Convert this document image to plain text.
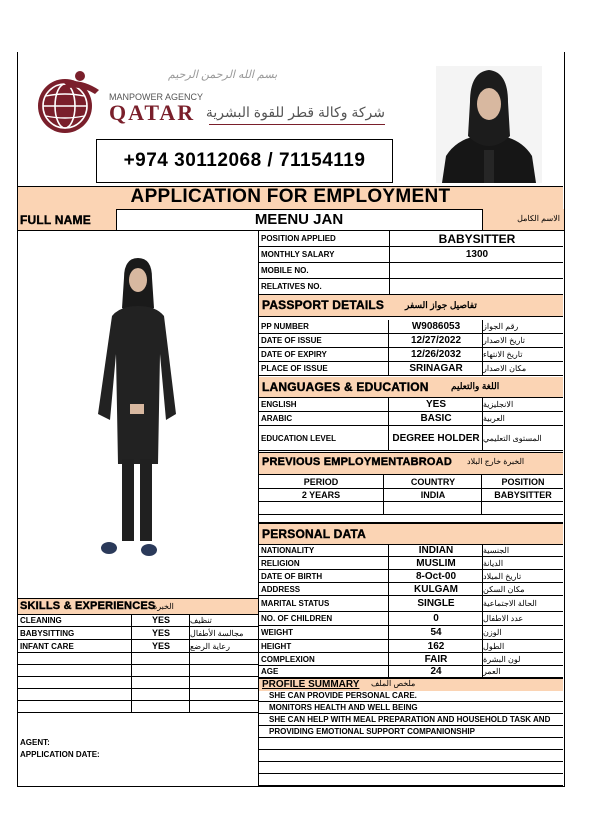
MANPOWER AGENCY
QATAR شركة وكالة قطر للقوة البشرية
بسم الله الرحمن الرحيم
+974 30112068 / 71154119
APPLICATION FOR EMPLOYMENT
FULL NAME	MEENU JAN	الاسم الكامل
POSITION APPLIED	BABYSITTER
MONTHLY SALARY	1300
MOBILE NO.
RELATIVES NO.
PASSPORT DETAILS تفاصيل جواز السفر
PP NUMBER	W9086053	رقم الجواز
DATE OF ISSUE	12/27/2022	تاريخ الاصدار
DATE OF EXPIRY	12/26/2032	تاريخ الانتهاء
PLACE OF ISSUE	SRINAGAR	مكان الاصدار
LANGUAGES & EDUCATION اللغة والتعليم
ENGLISH	YES	الانجليزية
ARABIC	BASIC	العربية
EDUCATION LEVEL	DEGREE HOLDER المستوى التعليمي
PREVIOUS EMPLOYMENTABROAD الخبرة خارج البلاد
PERIOD	COUNTRY	POSITION
2 YEARS	INDIA	BABYSITTER
PERSONAL DATA
NATIONALITY	INDIAN	الجنسية
RELIGION	MUSLIM	الديانة
DATE OF BIRTH	8-Oct-00	تاريخ الميلاد
ADDRESS	KULGAM	مكان السكن
MARITAL STATUS	SINGLE	الحالة الاجتماعية
NO. OF CHILDREN	0	عدد الاطفال
WEIGHT	54	الوزن
HEIGHT	162	الطول
COMPLEXION	FAIR	لون البشرة
AGE	24	العمر
SKILLS & EXPERIENCES
الخبرة
CLEANING	YES	تنظيف
BABYSITTING	YES	مجالسة الأطفال
INFANT CARE	YES	رعاية الرضع
PROFILE SUMMARY ملخص الملف
SHE CAN PROVIDE PERSONAL CARE.
MONITORS HEALTH AND WELL BEING
SHE CAN HELP WITH MEAL PREPARATION AND HOUSEHOLD TASK AND
PROVIDING EMOTIONAL SUPPORT COMPANIONSHIP
AGENT:
APPLICATION DATE:
